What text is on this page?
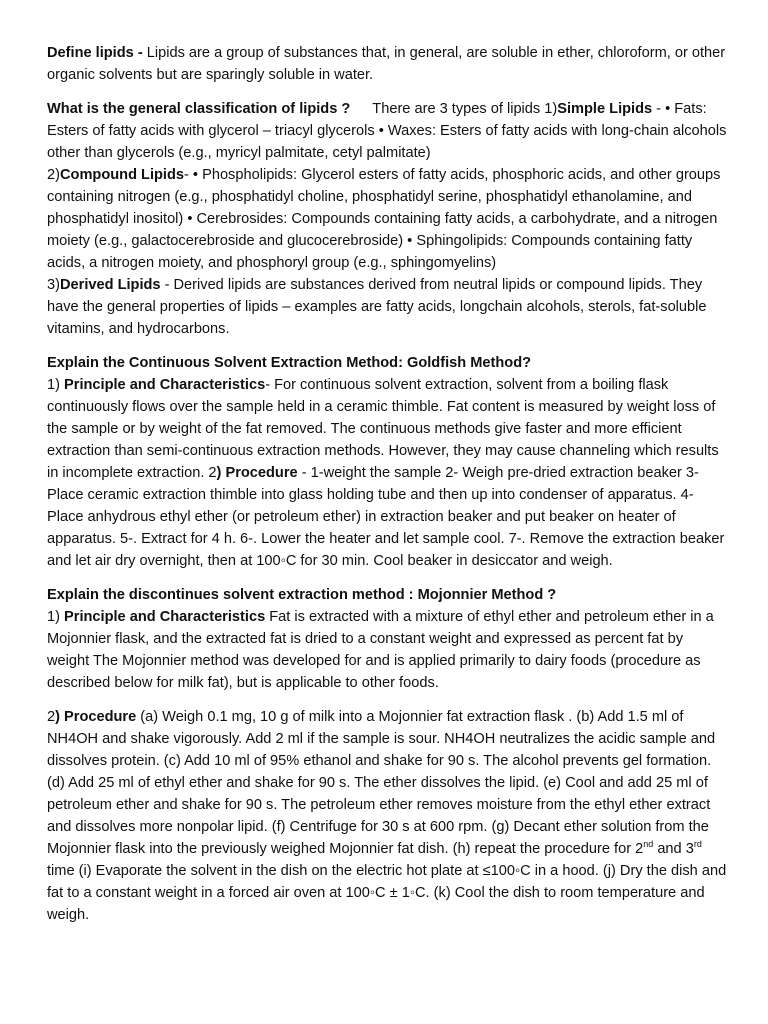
Define lipids - Lipids are a group of substances that, in general, are soluble in ether, chloroform, or other organic solvents but are sparingly soluble in water.

What is the general classification of lipids ? There are 3 types of lipids 1)Simple Lipids - • Fats: Esters of fatty acids with glycerol – triacyl glycerols • Waxes: Esters of fatty acids with long-chain alcohols other than glycerols (e.g., myricyl palmitate, cetyl palmitate)
2)Compound Lipids- • Phospholipids: Glycerol esters of fatty acids, phosphoric acids, and other groups containing nitrogen (e.g., phosphatidyl choline, phosphatidyl serine, phosphatidyl ethanolamine, and phosphatidyl inositol) • Cerebrosides: Compounds containing fatty acids, a carbohydrate, and a nitrogen moiety (e.g., galactocerebroside and glucocerebroside) • Sphingolipids: Compounds containing fatty acids, a nitrogen moiety, and phosphoryl group (e.g., sphingomyelins)
3)Derived Lipids - Derived lipids are substances derived from neutral lipids or compound lipids. They have the general properties of lipids – examples are fatty acids, longchain alcohols, sterols, fat-soluble vitamins, and hydrocarbons.

Explain the Continuous Solvent Extraction Method: Goldfish Method?
1) Principle and Characteristics- For continuous solvent extraction, solvent from a boiling flask continuously flows over the sample held in a ceramic thimble. Fat content is measured by weight loss of the sample or by weight of the fat removed. The continuous methods give faster and more efficient extraction than semi-continuous extraction methods. However, they may cause channeling which results in incomplete extraction. 2) Procedure - 1-weight the sample 2- Weigh pre-dried extraction beaker 3- Place ceramic extraction thimble into glass holding tube and then up into condenser of apparatus. 4- Place anhydrous ethyl ether (or petroleum ether) in extraction beaker and put beaker on heater of apparatus. 5-. Extract for 4 h. 6-. Lower the heater and let sample cool. 7-. Remove the extraction beaker and let air dry overnight, then at 100◦C for 30 min. Cool beaker in desiccator and weigh.

Explain the discontinues solvent extraction method : Mojonnier Method ?
1) Principle and Characteristics Fat is extracted with a mixture of ethyl ether and petroleum ether in a Mojonnier flask, and the extracted fat is dried to a constant weight and expressed as percent fat by weight The Mojonnier method was developed for and is applied primarily to dairy foods (procedure as described below for milk fat), but is applicable to other foods.

2) Procedure (a) Weigh 0.1 mg, 10 g of milk into a Mojonnier fat extraction flask . (b) Add 1.5 ml of NH4OH and shake vigorously. Add 2 ml if the sample is sour. NH4OH neutralizes the acidic sample and dissolves protein. (c) Add 10 ml of 95% ethanol and shake for 90 s. The alcohol prevents gel formation. (d) Add 25 ml of ethyl ether and shake for 90 s. The ether dissolves the lipid. (e) Cool and add 25 ml of petroleum ether and shake for 90 s. The petroleum ether removes moisture from the ethyl ether extract and dissolves more nonpolar lipid. (f) Centrifuge for 30 s at 600 rpm. (g) Decant ether solution from the Mojonnier flask into the previously weighed Mojonnier fat dish. (h) repeat the procedure for 2nd and 3rd time (i) Evaporate the solvent in the dish on the electric hot plate at ≤100◦C in a hood. (j) Dry the dish and fat to a constant weight in a forced air oven at 100◦C ± 1◦C. (k) Cool the dish to room temperature and weigh.
